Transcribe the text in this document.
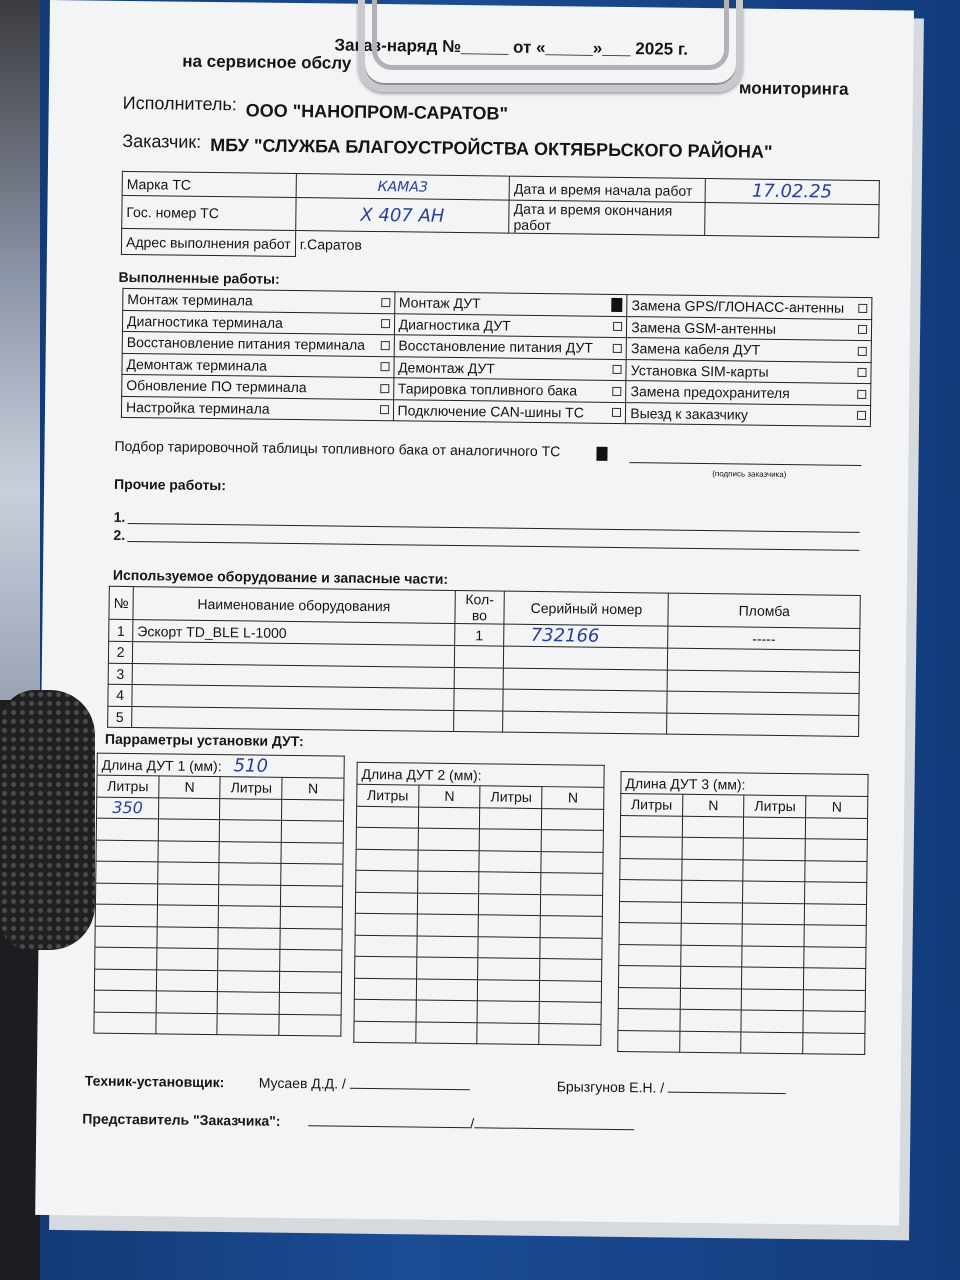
Заказ-наряд №_____ от «_____»___ 2025 г.
на сервисное обслу
мониторинга
Исполнитель: ООО "НАНОПРОМ-САРАТОВ"
Заказчик: МБУ "СЛУЖБА БЛАГОУСТРОЙСТВА ОКТЯБРЬСКОГО РАЙОНА"
Марка ТС	КАМАЗ	Дата и время начала работ	17.02.25
Гос. номер ТС	Х 407 АН	Дата и время окончания работ	
Адрес выполнения работ	г.Саратов		
Выполненные работы:
Монтаж терминала	Монтаж ДУТ	Замена GPS/ГЛОНАСС-антенны

Диагностика терминала	Диагностика ДУТ	Замена GSM-антенны

Восстановление питания терминала	Восстановление питания ДУТ	Замена кабеля ДУТ

Демонтаж терминала	Демонтаж ДУТ	Установка SIM-карты

Обновление ПО терминала	Тарировка топливного бака	Замена предохранителя

Настройка терминала	Подключение CAN-шины ТС	Выезд к заказчику
Подбор тарировочной таблицы топливного бака от аналогичного ТС
(подпись заказчика)
Прочие работы:
1.
2.
Используемое оборудование и запасные части:
№	Наименование оборудования	Кол-во	Серийный номер	Пломба
1	Эскорт TD_BLE L-1000	1	732166	-----
2				
3				
4				
5				
Парраметры установки ДУТ:
Длина ДУТ 1 (мм): 510			
Литры	N	Литры	N
350			

Длина ДУТ 2 (мм):			
Литры	N	Литры	N

Длина ДУТ 3 (мм):			
Литры	N	Литры	N

Техник-установщик: Мусаев Д.Д. /	Брызгунов Е.Н. /
Представитель "Заказчика":	/
